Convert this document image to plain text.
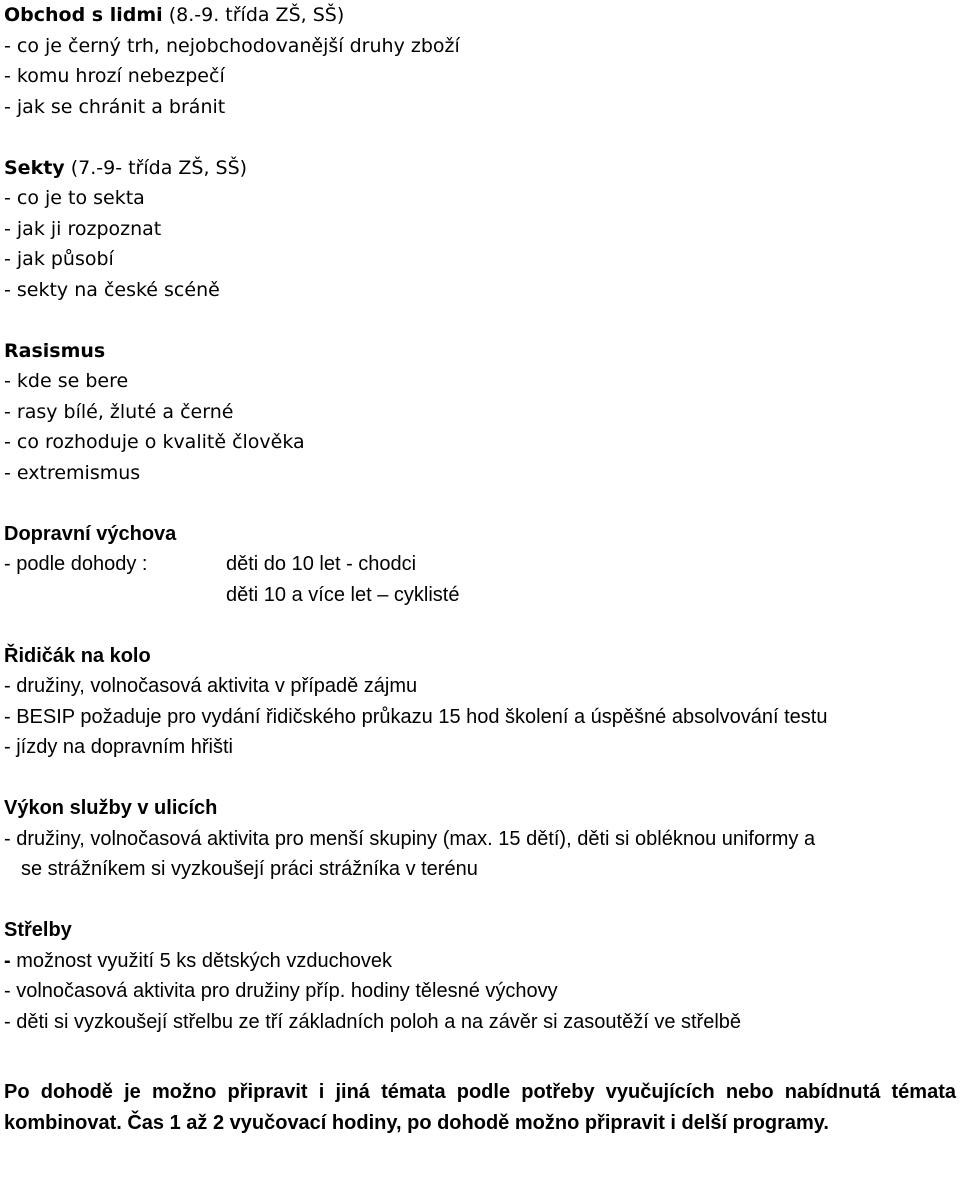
Obchod s lidmi (8.-9. třída ZŠ, SŠ)
- co je černý trh, nejobchodovanější druhy zboží
- komu hrozí nebezpečí
- jak se chránit a bránit
Sekty (7.-9- třída ZŠ, SŠ)
- co je to sekta
- jak ji rozpoznat
- jak působí
- sekty na české scéně
Rasismus
- kde se bere
- rasy bílé, žluté a černé
- co rozhoduje o kvalitě člověka
- extremismus
Dopravní výchova
- podle dohody :	děti do 10 let - chodci
děti 10 a více let – cyklisté
Řidičák na kolo
- družiny, volnočasová aktivita v případě zájmu
- BESIP požaduje pro vydání řidičského průkazu 15 hod školení a úspěšné absolvování testu
- jízdy na dopravním hřišti
Výkon služby v ulicích
- družiny, volnočasová aktivita pro menší skupiny (max. 15 dětí), děti si obléknou uniformy a
se strážníkem si vyzkoušejí práci strážníka v terénu
Střelby
- možnost využití 5 ks dětských vzduchovek
- volnočasová aktivita pro družiny příp. hodiny tělesné výchovy
- děti si vyzkoušejí střelbu ze tří základních poloh a na závěr si zasoutěží ve střelbě
Po dohodě je možno připravit i jiná témata podle potřeby vyučujících nebo nabídnutá témata kombinovat. Čas 1 až 2 vyučovací hodiny, po dohodě možno připravit i delší programy.
